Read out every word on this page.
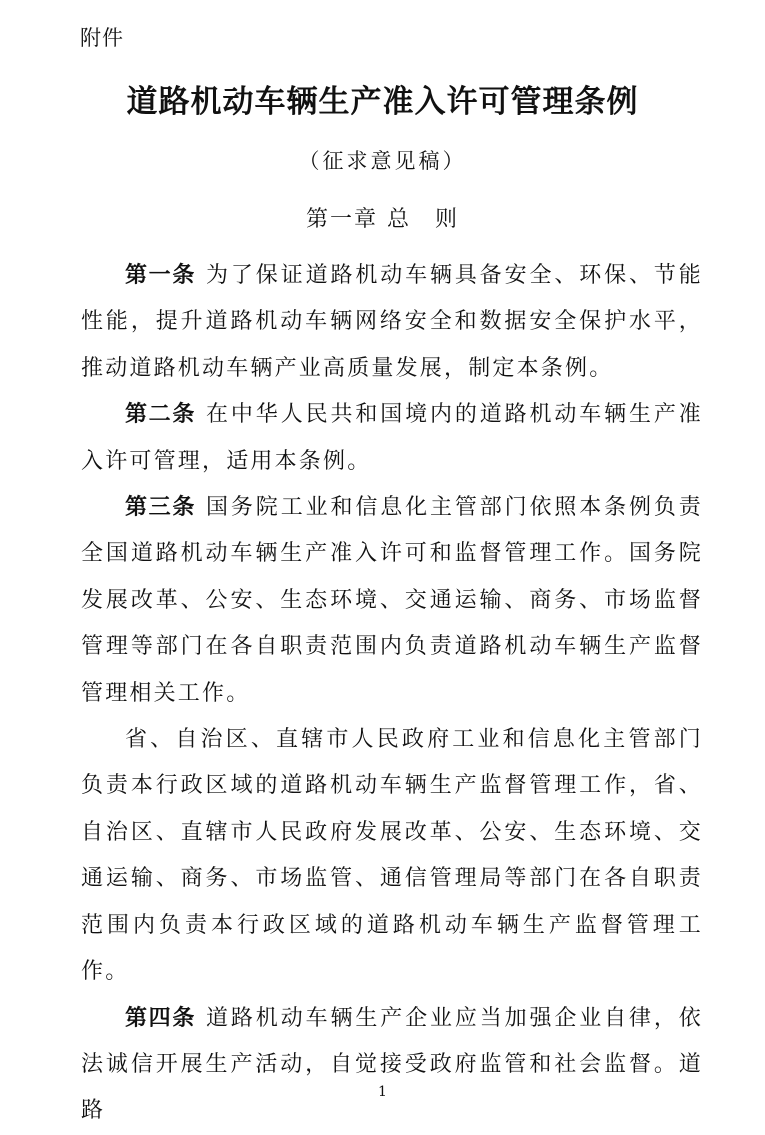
附件
道路机动车辆生产准入许可管理条例
（征求意见稿）
第一章 总　则

第一条 为了保证道路机动车辆具备安全、环保、节能性能，提升道路机动车辆网络安全和数据安全保护水平，推动道路机动车辆产业高质量发展，制定本条例。

第二条 在中华人民共和国境内的道路机动车辆生产准入许可管理，适用本条例。

第三条 国务院工业和信息化主管部门依照本条例负责全国道路机动车辆生产准入许可和监督管理工作。国务院发展改革、公安、生态环境、交通运输、商务、市场监督管理等部门在各自职责范围内负责道路机动车辆生产监督管理相关工作。

省、自治区、直辖市人民政府工业和信息化主管部门负责本行政区域的道路机动车辆生产监督管理工作，省、自治区、直辖市人民政府发展改革、公安、生态环境、交通运输、商务、市场监管、通信管理局等部门在各自职责范围内负责本行政区域的道路机动车辆生产监督管理工作。

第四条 道路机动车辆生产企业应当加强企业自律，依法诚信开展生产活动，自觉接受政府监管和社会监督。道路

1
